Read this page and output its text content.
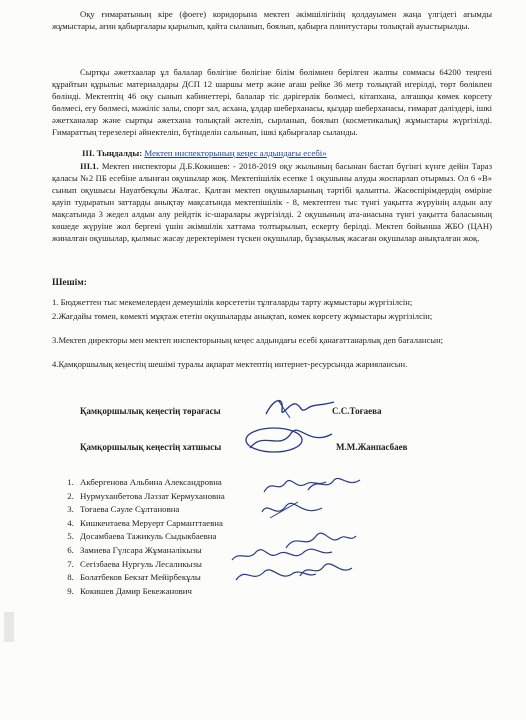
Оқу ғимаратының кіре (фоеге) коридорына мектеп әкімшілігінің қолдауымен жаңа үлгідегі ағымды жұмыстары, ағин қабырғалары қырылып, қайта сыланып, боялып, қабырға плинтустары толықтай ауыстырылды.
Сыртқы әжетхаалар ұл балалар бөлігіне бөлігіне білім бөлімнен берілген жалпы соммасы 64200 теңгені құрайтын құрылыс материалдары ДСП 12 шаршы метр және ағаш рейке 36 метр толықтай игерілді, төрт бөлікпен бөлінді. Мектептің 46 оқу сынып кабинеттері, балалар тіс дәрігерлік бөлмесі, кітапхана, алғашқы көмек көрсету бөлмесі, егу бөлмесі, мәжіліс залы, спорт зал, асхана, ұлдар шеберханасы, қыздар шеберханасы, ғимарат дәліздері, ішкі әжетханалар және сыртқы әжетхана толықтай әктеліп, сырланып, боялып (косметикалық) жұмыстары жүргізілді. Ғимараттың терезелері әйнектеліп, бүтінделін салынып, ішкі қабырғалар сыланды.
ІІІ. Тыңдалды: Мектеп инспекторының кеңес алдындағы есебі»
ІІІ.1. Мектеп инспекторы Д.Б.Кокишев: - 2018-2019 оқу жылының басынан бастап бүгінгі күнге дейін Тараз қаласы №2 ПБ есебіне алынған оқушылар жоқ. Мектепішілік есепке 1 оқушыны алуды жоспарлап отырмыз. Ол 6 «В» сынып оқушысы Науатбекұлы Жалғас. Қалған мектеп оқушыларының тәртібі қалыпты. Жасөспірімдердің өміріне қауіп тудыратын заттарды анықтау мақсатында мектепішілік - 8, мектептен тыс түнгі уақытта жүруінің алдын алу мақсатында 3 жедел алдын алу рейдтік іс-шаралары жүргізілді. 2 оқушының ата-анасына түнгі уақытта баласының көшеде жүруіне жол бергені үшін әкімшілік хаттама толтырылып, ескерту берілді. Мектеп бойынша ЖБО (ЦАН) жиналған оқушылар, қылмыс жасау деректерімен түскен оқушылар, бұзақылық жасаған оқушылар анықталған жоқ.
Шешім:
1. Бюджеттен тыс мекемелерден демеушілік көрсететін тұлғаларды тарту жұмыстары жүргізілсін;
2.Жағдайы төмен, көмекті мұқтаж ететін оқушыларды анықтап, көмек көрсету жұмыстары жүргізілсін;
3.Мектеп директоры мен мектеп инспекторының кеңес алдындағы есебі қанағаттанарлық деп бағалансын;
4.Қамқоршылық кеңестің шешімі туралы ақпарат мектептің интернет-ресурсында жарияланcын.
Қамқоршылық кеңестің төрағасы	С.С.Тоғаева
Қамқоршылық кеңестің хатшысы	М.М.Жанпасбаев
1. Акбергенова Альбина Александровна
2. Нурмуханбетова Ләззат Кермухановна
3. Тоғаева Сәуле Сұлтановна
4. Кишкентаева Меруерт Сарманттаевна
5. Досамбаева Тажикуль Сыдыкбаевна
6. Замиева Гүлсара Жұманәлікызы
7. Сегізбаева Нургуль Лесаликызы
8. Болатбеков Бекзат Мейірбекұлы
9. Кокишев Дамир Бекежанович
